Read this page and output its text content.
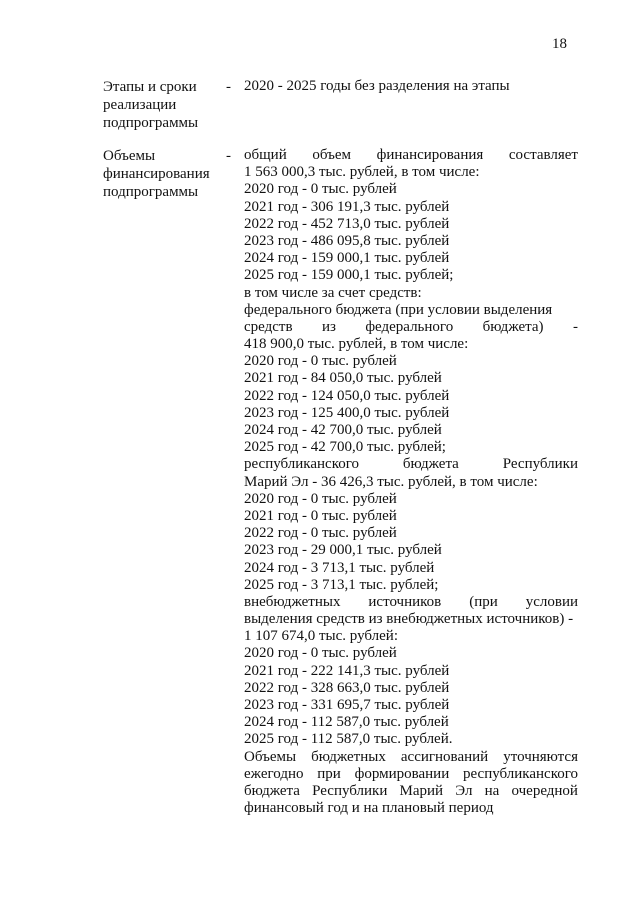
18
Этапы и сроки
реализации
подпрограммы
- 2020 - 2025 годы без разделения на этапы
Объемы
финансирования
подпрограммы
- общий объем финансирования составляет
1 563 000,3 тыс. рублей, в том числе:
2020 год - 0 тыс. рублей
2021 год - 306 191,3 тыс. рублей
2022 год - 452 713,0 тыс. рублей
2023 год - 486 095,8 тыс. рублей
2024 год - 159 000,1 тыс. рублей
2025 год - 159 000,1 тыс. рублей;
в том числе за счет средств:
федерального бюджета (при условии выделения
средств из федерального бюджета) -
418 900,0 тыс. рублей, в том числе:
2020 год - 0 тыс. рублей
2021 год - 84 050,0 тыс. рублей
2022 год - 124 050,0 тыс. рублей
2023 год - 125 400,0 тыс. рублей
2024 год - 42 700,0 тыс. рублей
2025 год - 42 700,0 тыс. рублей;
республиканского	бюджета	Республики
Марий Эл - 36 426,3 тыс. рублей, в том числе:
2020 год - 0 тыс. рублей
2021 год - 0 тыс. рублей
2022 год - 0 тыс. рублей
2023 год - 29 000,1 тыс. рублей
2024 год - 3 713,1 тыс. рублей
2025 год - 3 713,1 тыс. рублей;
внебюджетных источников (при условии
выделения средств из внебюджетных источников) -
1 107 674,0 тыс. рублей:
2020 год - 0 тыс. рублей
2021 год - 222 141,3 тыс. рублей
2022 год - 328 663,0 тыс. рублей
2023 год - 331 695,7 тыс. рублей
2024 год - 112 587,0 тыс. рублей
2025 год - 112 587,0 тыс. рублей.
Объемы бюджетных ассигнований уточняются
ежегодно при формировании республиканского
бюджета Республики Марий Эл на очередной
финансовый год и на плановый период
